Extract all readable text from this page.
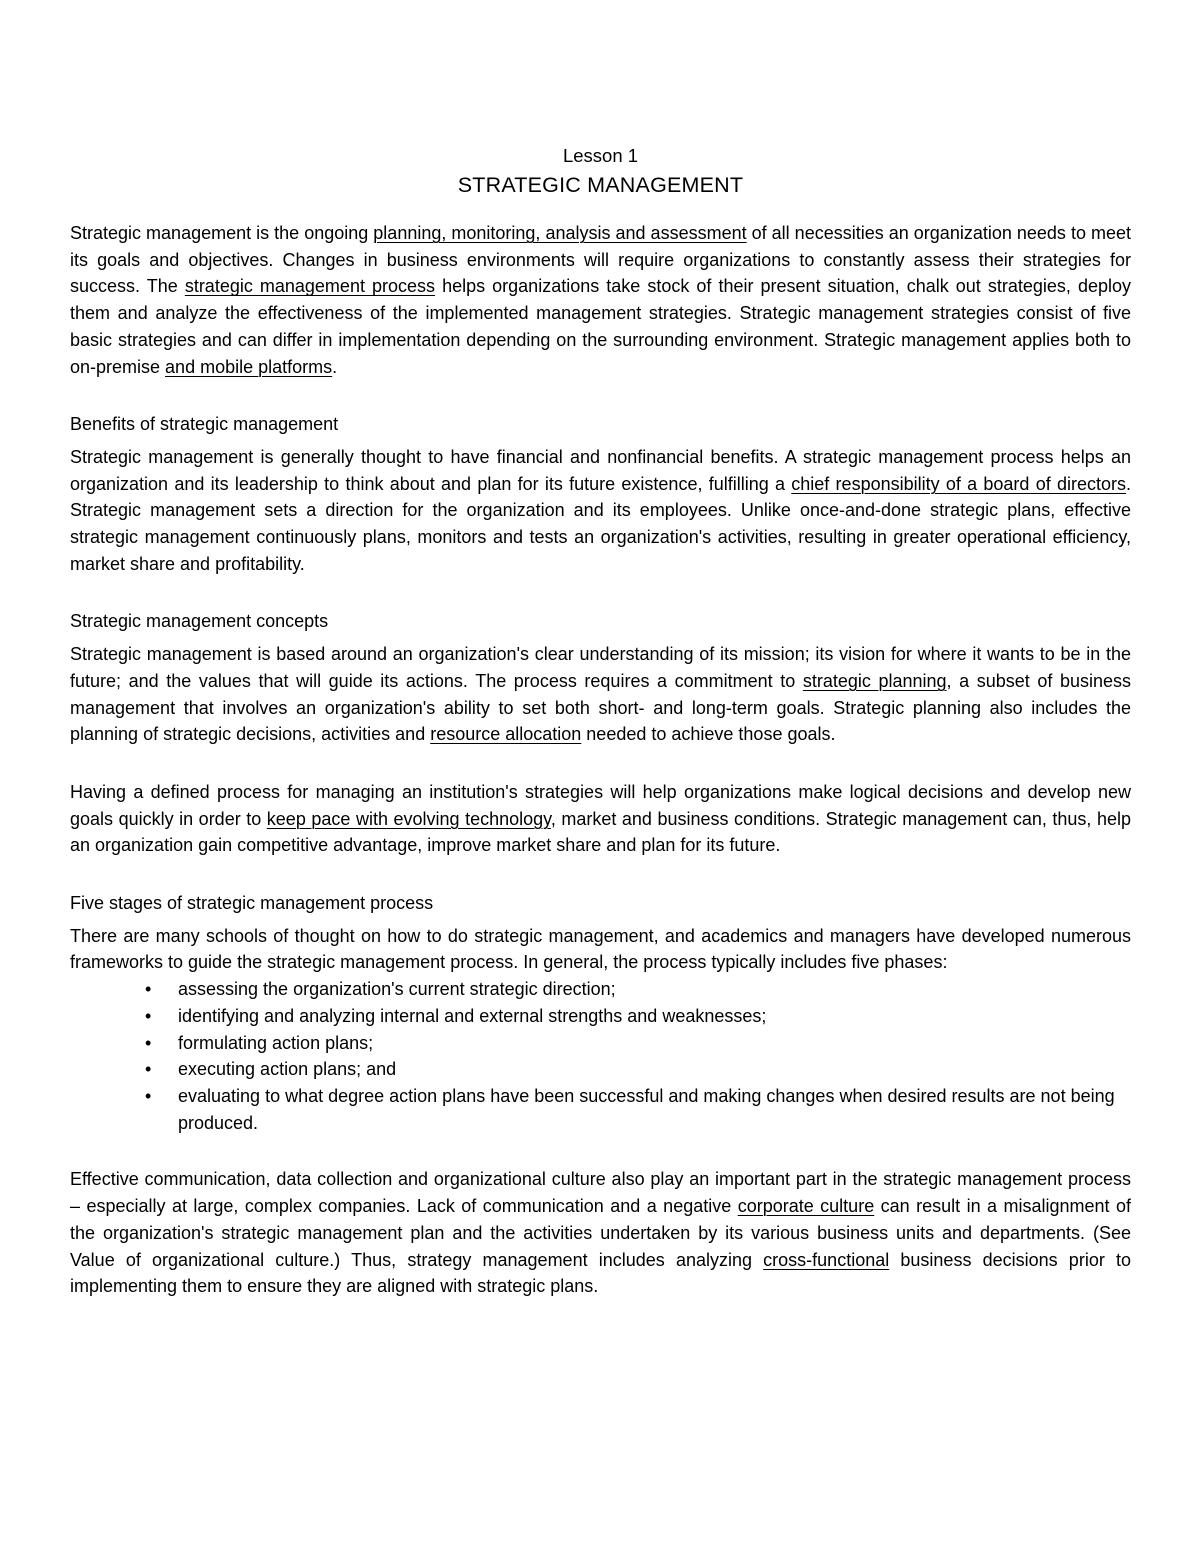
Lesson 1
STRATEGIC MANAGEMENT

Strategic management is the ongoing planning, monitoring, analysis and assessment of all necessities an organization needs to meet its goals and objectives. Changes in business environments will require organizations to constantly assess their strategies for success. The strategic management process helps organizations take stock of their present situation, chalk out strategies, deploy them and analyze the effectiveness of the implemented management strategies. Strategic management strategies consist of five basic strategies and can differ in implementation depending on the surrounding environment. Strategic management applies both to on-premise and mobile platforms.

Benefits of strategic management

Strategic management is generally thought to have financial and nonfinancial benefits. A strategic management process helps an organization and its leadership to think about and plan for its future existence, fulfilling a chief responsibility of a board of directors. Strategic management sets a direction for the organization and its employees. Unlike once-and-done strategic plans, effective strategic management continuously plans, monitors and tests an organization's activities, resulting in greater operational efficiency, market share and profitability.

Strategic management concepts

Strategic management is based around an organization's clear understanding of its mission; its vision for where it wants to be in the future; and the values that will guide its actions. The process requires a commitment to strategic planning, a subset of business management that involves an organization's ability to set both short- and long-term goals. Strategic planning also includes the planning of strategic decisions, activities and resource allocation needed to achieve those goals.

Having a defined process for managing an institution's strategies will help organizations make logical decisions and develop new goals quickly in order to keep pace with evolving technology, market and business conditions. Strategic management can, thus, help an organization gain competitive advantage, improve market share and plan for its future.

Five stages of strategic management process

There are many schools of thought on how to do strategic management, and academics and managers have developed numerous frameworks to guide the strategic management process. In general, the process typically includes five phases:

• assessing the organization's current strategic direction;
• identifying and analyzing internal and external strengths and weaknesses;
• formulating action plans;
• executing action plans; and
• evaluating to what degree action plans have been successful and making changes when desired results are not being produced.

Effective communication, data collection and organizational culture also play an important part in the strategic management process – especially at large, complex companies. Lack of communication and a negative corporate culture can result in a misalignment of the organization's strategic management plan and the activities undertaken by its various business units and departments. (See Value of organizational culture.) Thus, strategy management includes analyzing cross-functional business decisions prior to implementing them to ensure they are aligned with strategic plans.
